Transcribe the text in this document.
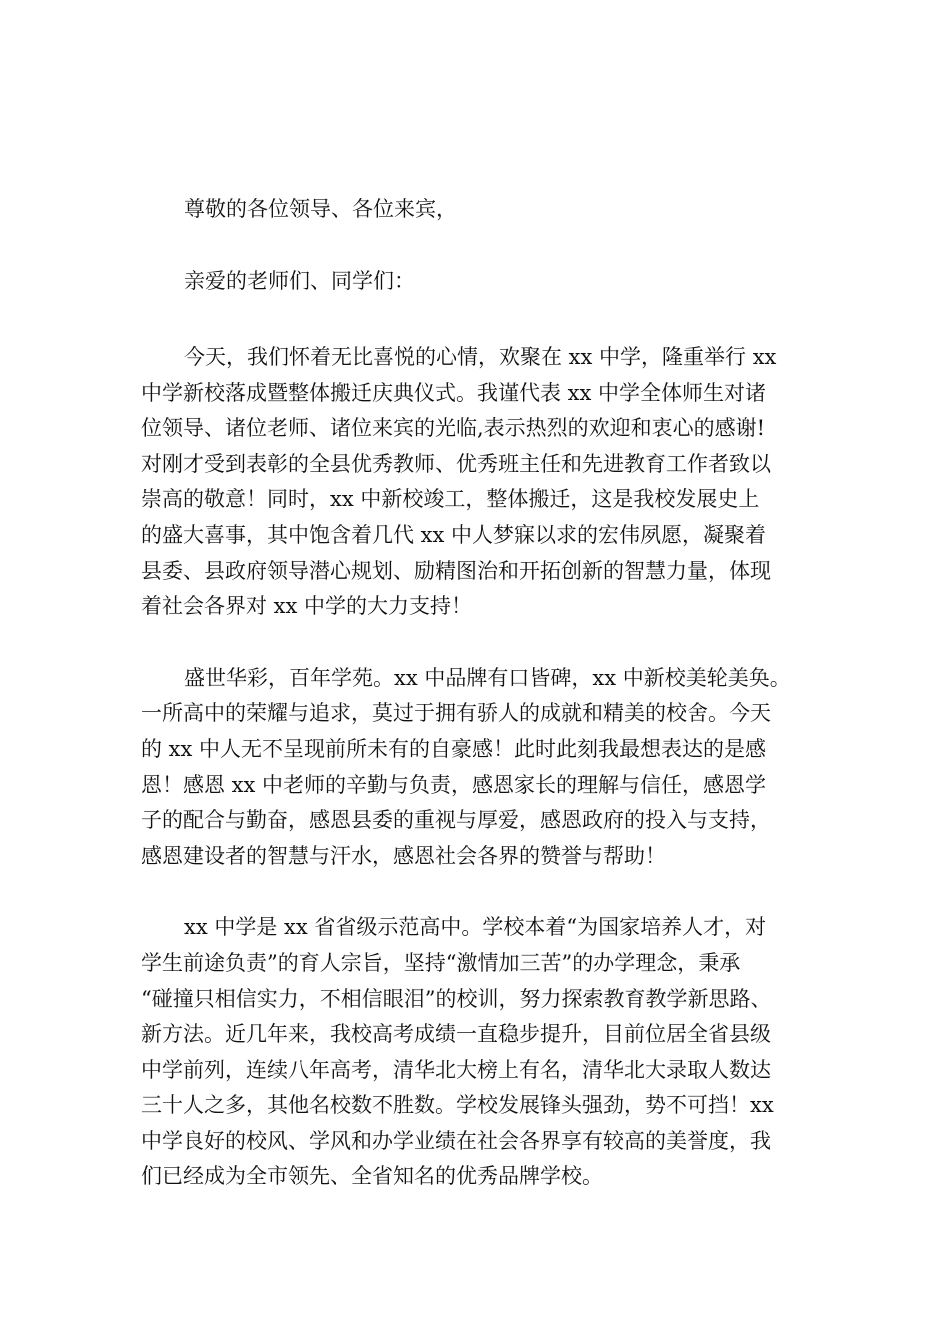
尊敬的各位领导、各位来宾，

亲爱的老师们、同学们：

今天，我们怀着无比喜悦的心情，欢聚在 xx 中学，隆重举行 xx
中学新校落成暨整体搬迁庆典仪式。我谨代表 xx 中学全体师生对诸
位领导、诸位老师、诸位来宾的光临,表示热烈的欢迎和衷心的感谢!
对刚才受到表彰的全县优秀教师、优秀班主任和先进教育工作者致以
崇高的敬意！同时，xx 中新校竣工，整体搬迁，这是我校发展史上
的盛大喜事，其中饱含着几代 xx 中人梦寐以求的宏伟夙愿，凝聚着
县委、县政府领导潜心规划、励精图治和开拓创新的智慧力量，体现
着社会各界对 xx 中学的大力支持！
盛世华彩，百年学苑。xx 中品牌有口皆碑，xx 中新校美轮美奂。
一所高中的荣耀与追求，莫过于拥有骄人的成就和精美的校舍。今天
的 xx 中人无不呈现前所未有的自豪感！此时此刻我最想表达的是感
恩！感恩 xx 中老师的辛勤与负责，感恩家长的理解与信任，感恩学
子的配合与勤奋，感恩县委的重视与厚爱，感恩政府的投入与支持，
感恩建设者的智慧与汗水，感恩社会各界的赞誉与帮助！
xx 中学是 xx 省省级示范高中。学校本着“为国家培养人才，对
学生前途负责”的育人宗旨，坚持“激情加三苦”的办学理念，秉承
“碰撞只相信实力，不相信眼泪”的校训，努力探索教育教学新思路、
新方法。近几年来，我校高考成绩一直稳步提升，目前位居全省县级
中学前列，连续八年高考，清华北大榜上有名，清华北大录取人数达
三十人之多，其他名校数不胜数。学校发展锋头强劲，势不可挡！xx
中学良好的校风、学风和办学业绩在社会各界享有较高的美誉度，我
们已经成为全市领先、全省知名的优秀品牌学校。
